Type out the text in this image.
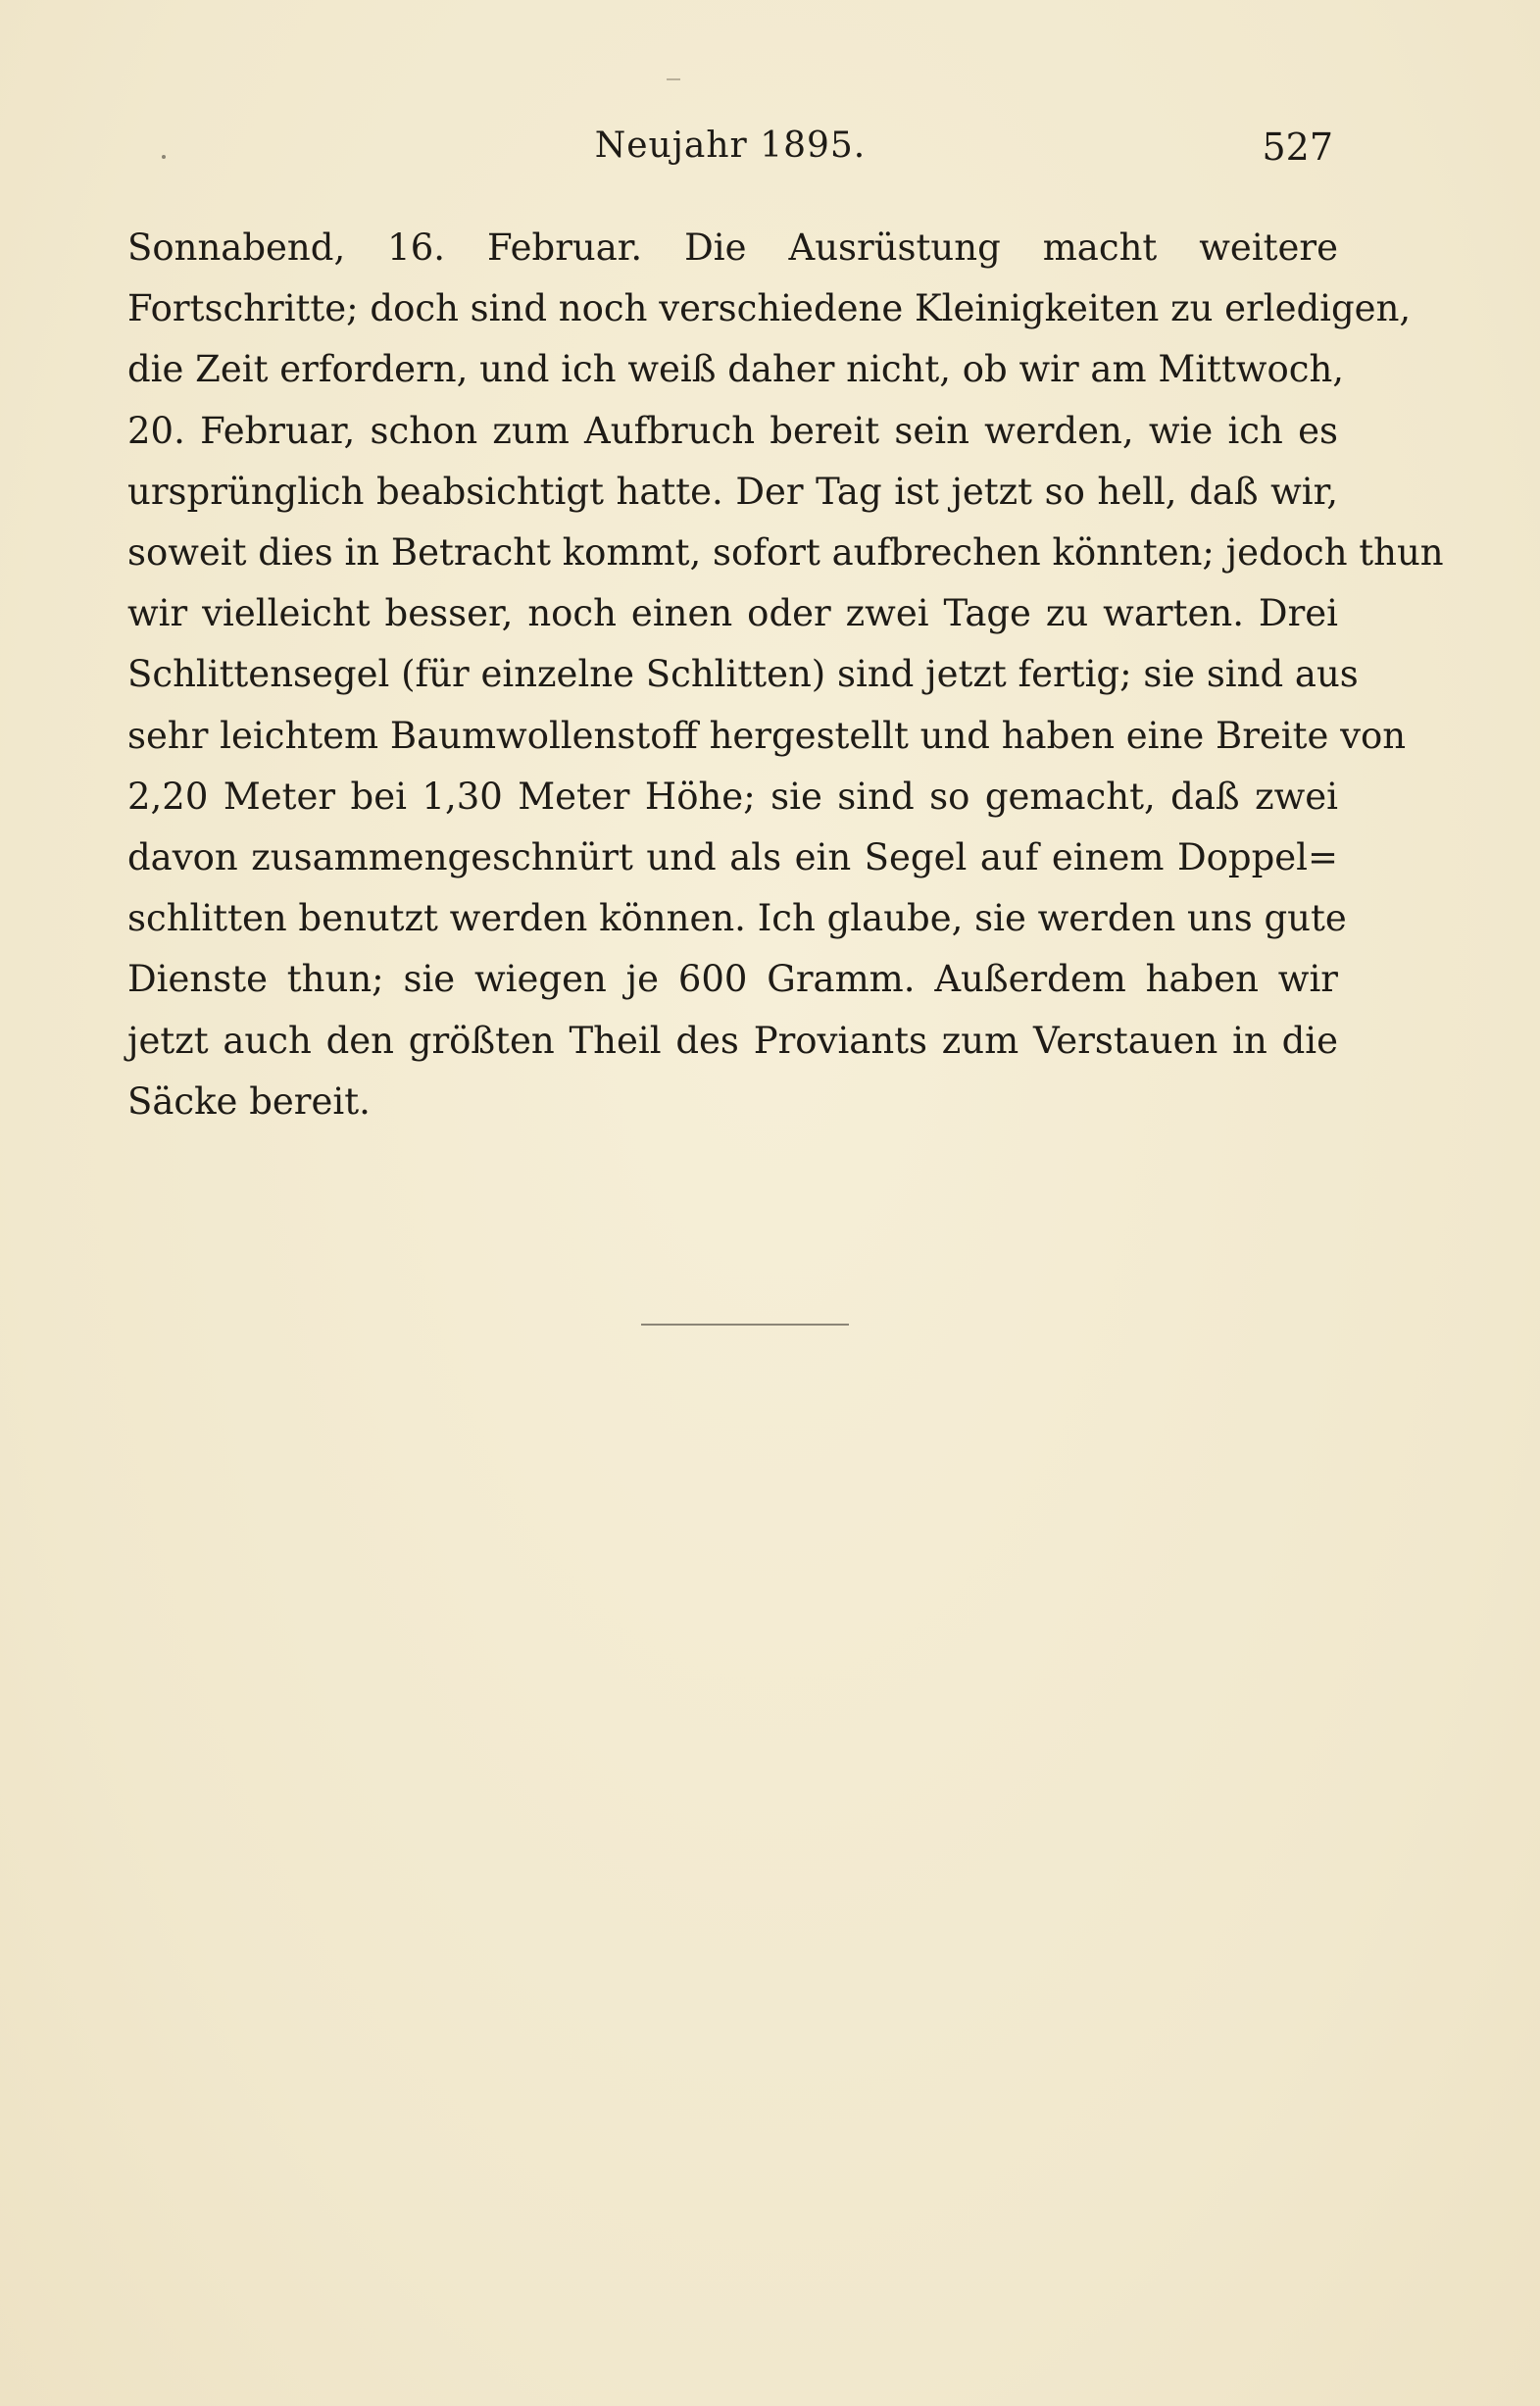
Neujahr 1895.	527
Sonnabend, 16. Februar. Die Ausrüstung macht weitere
Fortschritte; doch sind noch verschiedene Kleinigkeiten zu erledigen,
die Zeit erfordern, und ich weiß daher nicht, ob wir am Mittwoch,
20. Februar, schon zum Aufbruch bereit sein werden, wie ich es
ursprünglich beabsichtigt hatte. Der Tag ist jetzt so hell, daß wir,
soweit dies in Betracht kommt, sofort aufbrechen könnten; jedoch thun
wir vielleicht besser, noch einen oder zwei Tage zu warten. Drei
Schlittensegel (für einzelne Schlitten) sind jetzt fertig; sie sind aus
sehr leichtem Baumwollenstoff hergestellt und haben eine Breite von
2,20 Meter bei 1,30 Meter Höhe; sie sind so gemacht, daß zwei
davon zusammengeschnürt und als ein Segel auf einem Doppel=
schlitten benutzt werden können. Ich glaube, sie werden uns gute
Dienste thun; sie wiegen je 600 Gramm. Außerdem haben wir
jetzt auch den größten Theil des Proviants zum Verstauen in die
Säcke bereit.
